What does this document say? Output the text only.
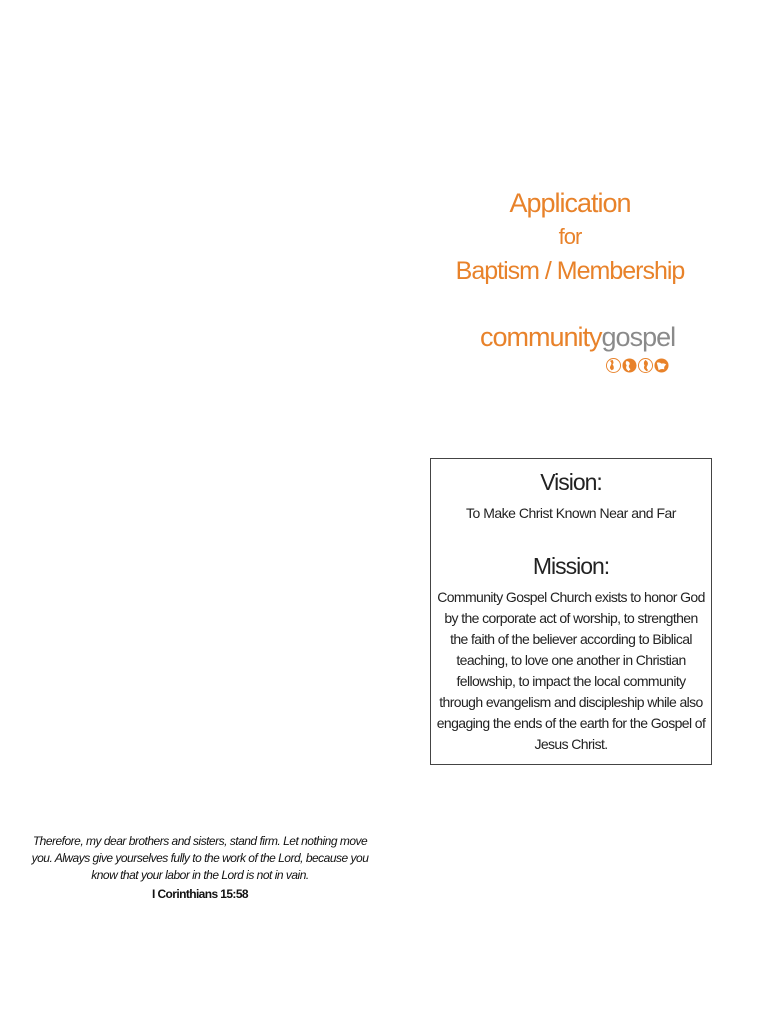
Application
for
Baptism / Membership
communitygospel
Vision:
To Make Christ Known Near and Far
Mission:
Community Gospel Church exists to honor God by the corporate act of worship, to strengthen the faith of the believer according to Biblical teaching, to love one another in Christian fellowship, to impact the local community through evangelism and discipleship while also engaging the ends of the earth for the Gospel of Jesus Christ.
Therefore, my dear brothers and sisters, stand firm. Let nothing move you. Always give yourselves fully to the work of the Lord, because you know that your labor in the Lord is not in vain.
I Corinthians 15:58
